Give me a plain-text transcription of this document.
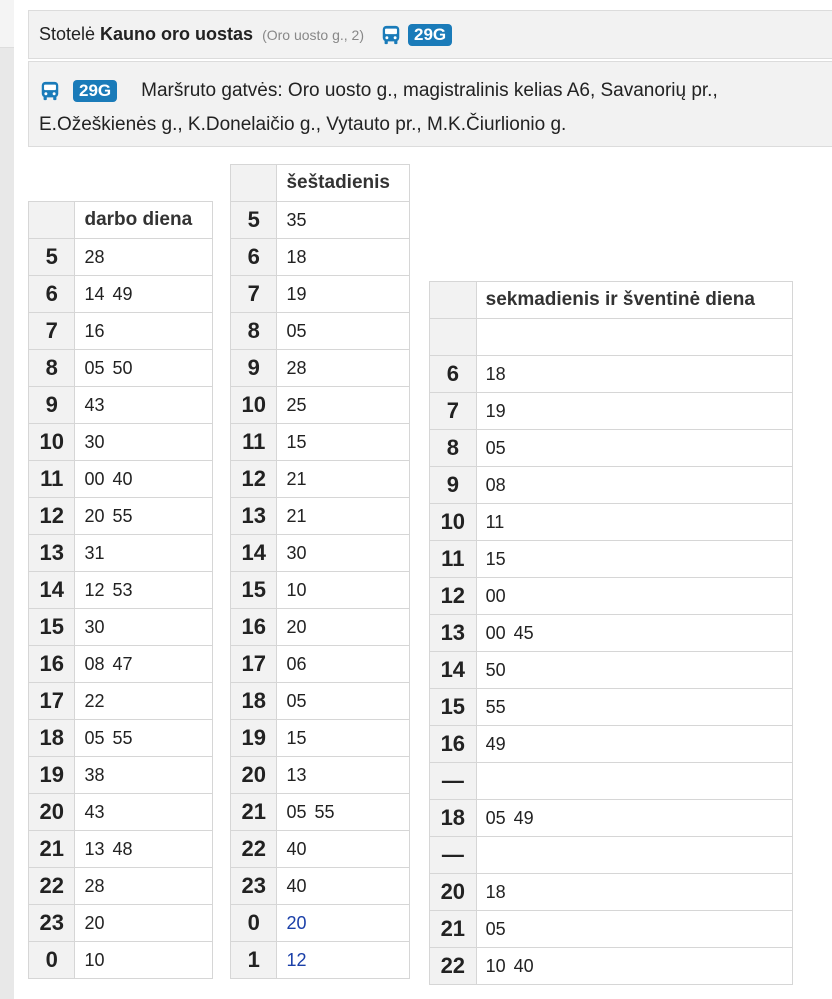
Stotelė Kauno oro uostas (Oro uosto g., 2)	29G
29G	Maršruto gatvės: Oro uosto g., magistralinis kelias A6, Savanorių pr.,
E.Ožeškienės g., K.Donelaičio g., Vytauto pr., M.K.Čiurlionio g.
	darbo diena
5	28
6	14 49
7	16
8	05 50
9	43
10	30
11	00 40
12	20 55
13	31
14	12 53
15	30
16	08 47
17	22
18	05 55
19	38
20	43
21	13 48
22	28
23	20
0	10
	šeštadienis
5	35
6	18
7	19
8	05
9	28
10	25
11	15
12	21
13	21
14	30
15	10
16	20
17	06
18	05
19	15
20	13
21	05 55
22	40
23	40
0	20
1	12
	sekmadienis ir šventinė diena

6	18
7	19
8	05
9	08
10	11
11	15
12	00
13	00 45
14	50
15	55
16	49
—	
18	05 49
—	
20	18
21	05
22	10 40
